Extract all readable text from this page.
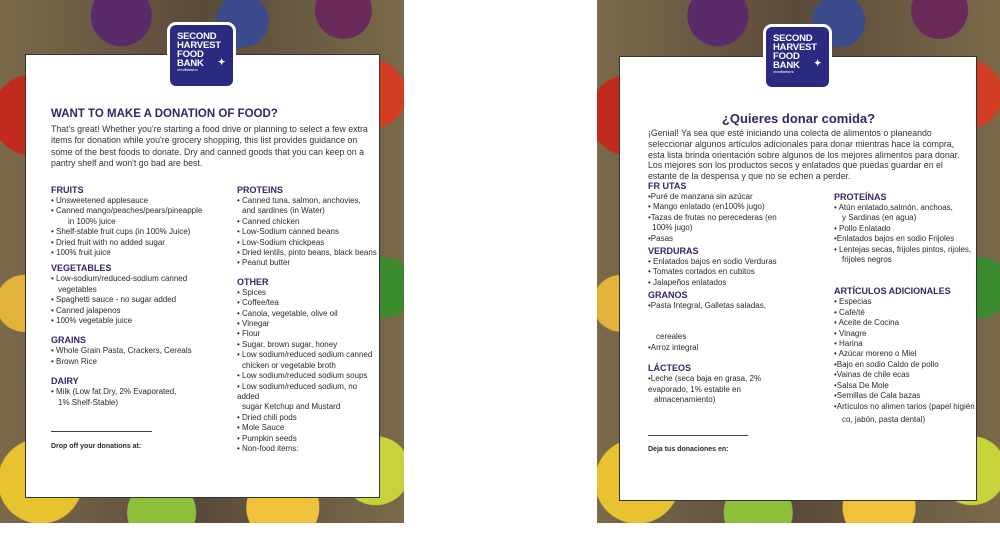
SECOND
HARVEST
FOOD
BANK
of northwest nc
✦
WANT TO MAKE A DONATION OF FOOD?

That's great! Whether you're starting a food drive or planning to select a few extra items for donation while you're grocery shopping, this list provides guidance on some of the best foods to donate. Dry and canned goods that you can keep on a pantry shelf and won't go bad are best.

FRUITS
• Unsweetened applesauce
• Canned mango/peaches/pears/pineapple
in 100% juice
• Shelf-stable fruit cups (in 100% Juice)
• Dried fruit with no added sugar
• 100% fruit juice
VEGETABLES
• Low-sodium/reduced-sodium canned
vegetables
• Spaghetti sauce - no sugar added
• Canned jalapenos
• 100% vegetable juice
GRAINS
• Whole Grain Pasta, Crackers, Cereals
• Brown Rice
DAIRY
• Milk (Low fat Dry, 2% Evaporated,
1% Shelf-Stable)
PROTEINS
• Canned tuna, salmon, anchovies,
and sardines (in Water)
• Canned chicken
• Low-Sodium canned beans
• Low-Sodium chickpeas
• Dried lentils, pinto beans, black beans
• Peanut butter
OTHER
• Spices
• Coffee/tea
• Canola, vegetable, olive oil
• Vinegar
• Flour
• Sugar, brown sugar, honey
• Low sodium/reduced sodium canned
chicken or vegetable broth
• Low sodium/reduced sodium soups
• Low sodium/reduced sodium, no added
sugar Ketchup and Mustard
• Dried chili pods
• Mole Sauce
• Pumpkin seeds
• Non-food items:

Drop off your donations at:

SECOND
HARVEST
FOOD
BANK
of northwest nc
✦
¿Quieres donar comida?

¡Genial! Ya sea que esté iniciando una colecta de alimentos o planeando seleccionar algunos artículos adicionales para donar mientras hace la compra, esta lista brinda orientación sobre algunos de los mejores alimentos para donar. Los mejores son los productos secos y enlatados que puedas guardar en el estante de la despensa y que no se echen a perder.

FR UTAS
•Puré de manzana sin azúcar
• Mango enlatado (en100% jugo)
•Tazas de frutas no perecederas (en
100% jugo)
•Pasas
VERDURAS
• Enlatados bajos en sodio Verduras
• Tomates cortados en cubitos
• Jalapeños enlatados
GRANOS
•Pasta Integral, Galletas saladas,
cereales
•Arroz integral
LÁCTEOS
•Leche (seca baja en grasa, 2%
evaporado, 1% estable en
almacenamiento)
PROTEÍNAS
• Atún enlatado,salmón, anchoas,
y Sardinas (en agua)
• Pollo Enlatado
•Enlatados bajos en sodio Frijoles
• Lentejas secas, frijoles pintos, rijoles,
frijoles negros
ARTÍCULOS ADICIONALES
• Especias
• Café/té
• Aceite de Cocina
• Vinagre
• Harina
• Azúcar moreno o Miel
•Bajo en sodio Caldo de pollo
•Vainas de chile ecas
•Salsa De Mole
•Semillas de Cala bazas
•Artículos no alimen tarios (papel higién
co, jabón, pasta dental)

Deja tus donaciones en:
